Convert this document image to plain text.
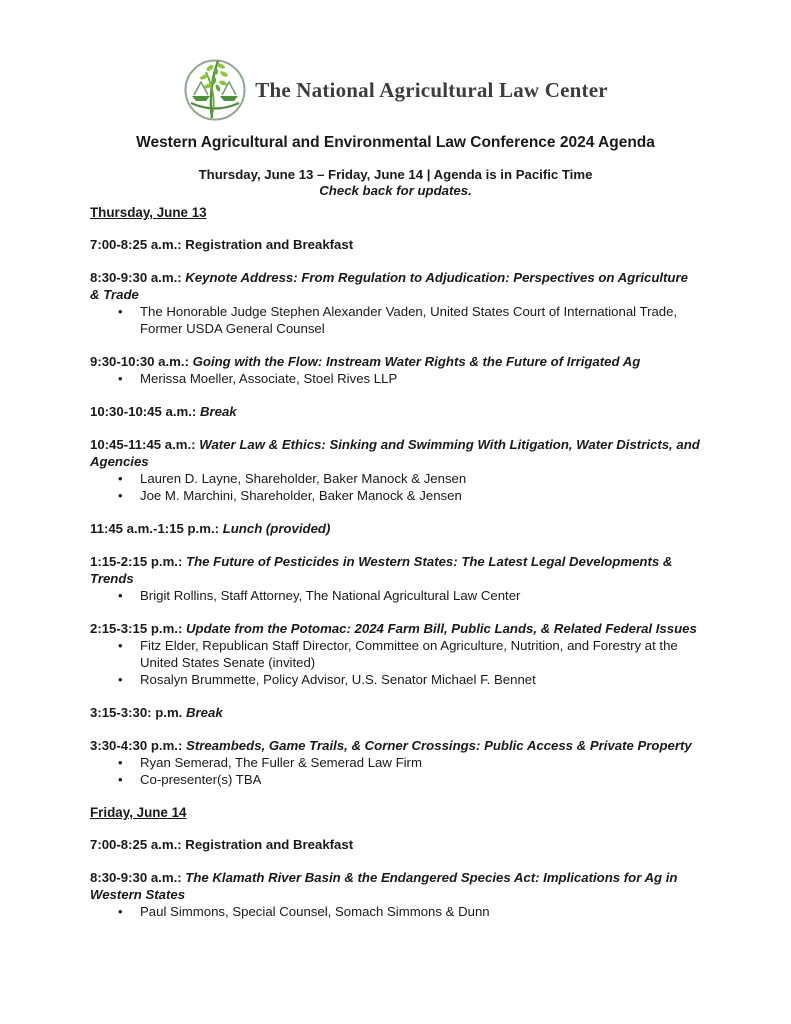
The National Agricultural Law Center
Western Agricultural and Environmental Law Conference 2024 Agenda

Thursday, June 13 – Friday, June 14 | Agenda is in Pacific Time

Check back for updates.

Thursday, June 13

7:00-8:25 a.m.: Registration and Breakfast

8:30-9:30 a.m.: Keynote Address: From Regulation to Adjudication: Perspectives on Agriculture & Trade

• The Honorable Judge Stephen Alexander Vaden, United States Court of International Trade, Former USDA General Counsel

9:30-10:30 a.m.: Going with the Flow: Instream Water Rights & the Future of Irrigated Ag

• Merissa Moeller, Associate, Stoel Rives LLP

10:30-10:45 a.m.: Break

10:45-11:45 a.m.: Water Law & Ethics: Sinking and Swimming With Litigation, Water Districts, and Agencies

• Lauren D. Layne, Shareholder, Baker Manock & Jensen
• Joe M. Marchini, Shareholder, Baker Manock & Jensen

11:45 a.m.-1:15 p.m.: Lunch (provided)

1:15-2:15 p.m.: The Future of Pesticides in Western States: The Latest Legal Developments & Trends

• Brigit Rollins, Staff Attorney, The National Agricultural Law Center

2:15-3:15 p.m.: Update from the Potomac: 2024 Farm Bill, Public Lands, & Related Federal Issues

• Fitz Elder, Republican Staff Director, Committee on Agriculture, Nutrition, and Forestry at the United States Senate (invited)
• Rosalyn Brummette, Policy Advisor, U.S. Senator Michael F. Bennet

3:15-3:30: p.m. Break

3:30-4:30 p.m.: Streambeds, Game Trails, & Corner Crossings: Public Access & Private Property

• Ryan Semerad, The Fuller & Semerad Law Firm
• Co-presenter(s) TBA
Friday, June 14

7:00-8:25 a.m.: Registration and Breakfast

8:30-9:30 a.m.: The Klamath River Basin & the Endangered Species Act: Implications for Ag in Western States

• Paul Simmons, Special Counsel, Somach Simmons & Dunn
